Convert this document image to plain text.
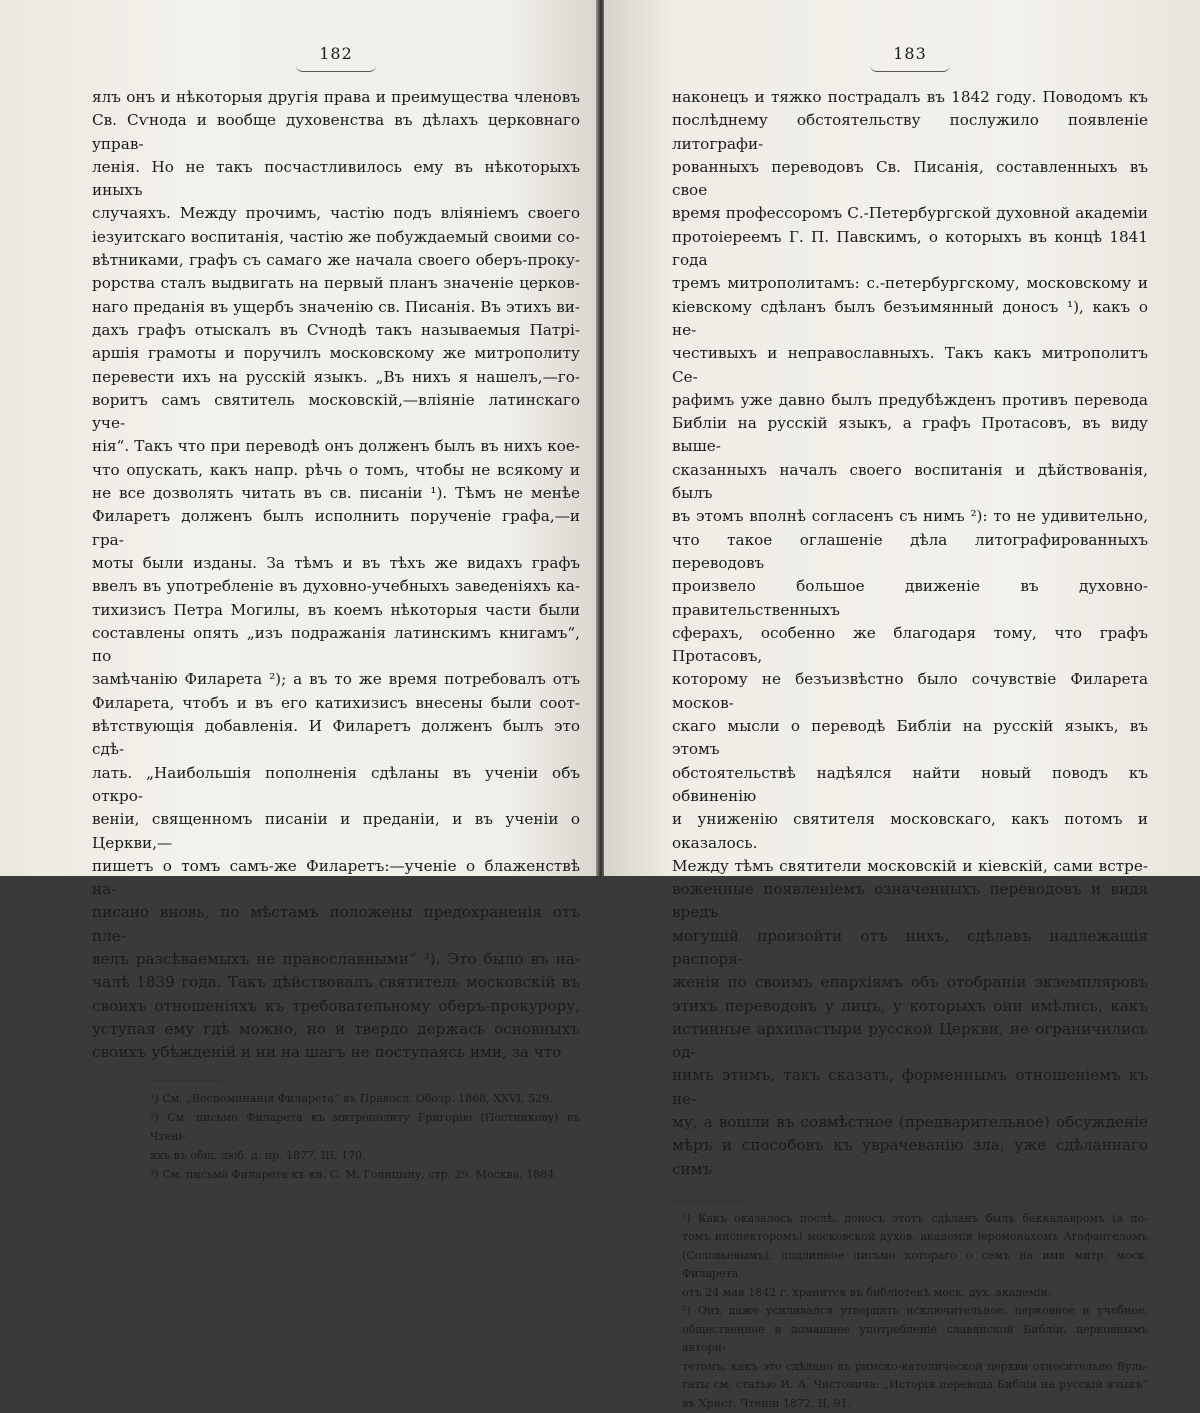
182

ялъ онъ и нѣкоторыя другія права и преимущества членовъ

Св. Сѵнода и вообще духовенства въ дѣлахъ церковнаго управ-

ленія. Но не такъ посчастливилось ему въ нѣкоторыхъ иныхъ

случаяхъ. Между прочимъ, частію подъ вліяніемъ своего

іезуитскаго воспитанія, частію же побуждаемый своими со-

вѣтниками, графъ съ самаго же начала своего оберъ-проку-

рорства сталъ выдвигать на первый планъ значеніе церков-

наго преданія въ ущербъ значенію св. Писанія. Въ этихъ ви-

дахъ графъ отыскалъ въ Сѵнодѣ такъ называемыя Патрі-

аршія грамоты и поручилъ московскому же митрополиту

перевести ихъ на русскій языкъ. „Въ нихъ я нашелъ,—го-

воритъ самъ святитель московскій,—вліяніе латинскаго уче-

нія“. Такъ что при переводѣ онъ долженъ былъ въ нихъ кое-

что опускать, какъ напр. рѣчь о томъ, чтобы не всякому и

не все дозволять читать въ св. писаніи ¹). Тѣмъ не менѣе

Филаретъ долженъ былъ исполнить порученіе графа,—и гра-

моты были изданы. За тѣмъ и въ тѣхъ же видахъ графъ

ввелъ въ употребленіе въ духовно-учебныхъ заведеніяхъ ка-

тихизисъ Петра Могилы, въ коемъ нѣкоторыя части были

составлены опять „изъ подражанія латинскимъ книгамъ“, по

замѣчанію Филарета ²); а въ то же время потребовалъ отъ

Филарета, чтобъ и въ его катихизисъ внесены были соот-

вѣтствующія добавленія. И Филаретъ долженъ былъ это сдѣ-

лать. „Наибольшія пополненія сдѣланы въ ученіи объ откро-

веніи, священномъ писаніи и преданіи, и въ ученіи о Церкви,—

пишетъ о томъ самъ-же Филаретъ:—ученіе о блаженствѣ на-

писано вновь, по мѣстамъ положены предохраненія отъ пле-

велъ разсѣваемыхъ не православными“ ³). Это было въ на-

чалѣ 1839 года. Такъ дѣйствовалъ святитель московскій въ

своихъ отношеніяхъ къ требовательному оберъ-прокурору,

уступая ему гдѣ можно, но и твердо держась основныхъ

своихъ убѣжденій и ни на шагъ не поступаясь ими, за что

¹) См. „Воспоминанія Филарета“ въ Правосл. Обозр. 1868, XXVI, 529.

²) См. письмо Филарета къ митрополиту Григорію (Постникову) въ Чтені-

яхъ въ общ. люб. д. пр. 1877, III, 170.

³) См. письма Филарета къ кн. С. М. Голицыну, стр. 29. Москва, 1884.

183

наконецъ и тяжко пострадалъ въ 1842 году. Поводомъ къ

послѣднему обстоятельству послужило появленіе литографи-

рованныхъ переводовъ Св. Писанія, составленныхъ въ свое

время профессоромъ С.-Петербургской духовной академіи

протоіереемъ Г. П. Павскимъ, о которыхъ въ концѣ 1841 года

тремъ митрополитамъ: с.-петербургскому, московскому и

кіевскому сдѣланъ былъ безъимянный доносъ ¹), какъ о не-

честивыхъ и неправославныхъ. Такъ какъ митрополитъ Се-

рафимъ уже давно былъ предубѣжденъ противъ перевода

Библіи на русскій языкъ, а графъ Протасовъ, въ виду выше-

сказанныхъ началъ своего воспитанія и дѣйствованія, былъ

въ этомъ вполнѣ согласенъ съ нимъ ²): то не удивительно,

что такое оглашеніе дѣла литографированныхъ переводовъ

произвело большое движеніе въ духовно-правительственныхъ

сферахъ, особенно же благодаря тому, что графъ Протасовъ,

которому не безъизвѣстно было сочувствіе Филарета москов-

скаго мысли о переводѣ Библіи на русскій языкъ, въ этомъ

обстоятельствѣ надѣялся найти новый поводъ къ обвиненію

и униженію святителя московскаго, какъ потомъ и оказалось.

Между тѣмъ святители московскій и кіевскій, сами встре-

воженные появленіемъ означенныхъ переводовъ и видя вредъ

могущій произойти отъ нихъ, сдѣлавъ надлежащія распоря-

женія по своимъ епархіямъ объ отобраніи экземпляровъ

этихъ переводовъ у лицъ, у которыхъ они имѣлись, какъ

истинные архипастыри русской Церкви, не ограничились од-

нимъ этимъ, такъ сказать, форменнымъ отношеніемъ къ не-

му, а вошли въ совмѣстное (предварительное) обсужденіе

мѣръ и способовъ къ уврачеванію зла, уже сдѣланнаго симъ

¹) Какъ оказалось послѣ, доносъ этотъ сдѣланъ былъ баккалавромъ (а по-

томъ инспекторомъ) московской духов. академіи іеромонахомъ Агафангеломъ

(Соловьевымъ), подлинное письмо котораго о семъ на имя митр. моск. Филарета

отъ 24 мая 1842 г. хранится въ библіотекѣ моск. дух. академіи.

²) Онъ даже усиливался утвердить исключительное, церковное и учебное,

общественное и домашнее употребленіе славянской Библіи, церковнымъ автори-

тетомъ, какъ это сдѣлано въ римско-католической церкви относительно Вуль-

гаты см. статью И. А. Чистовича: „Исторія перевода Библіи на русскій языкъ“

въ Христ. Чтеніи 1872, II, 91.
